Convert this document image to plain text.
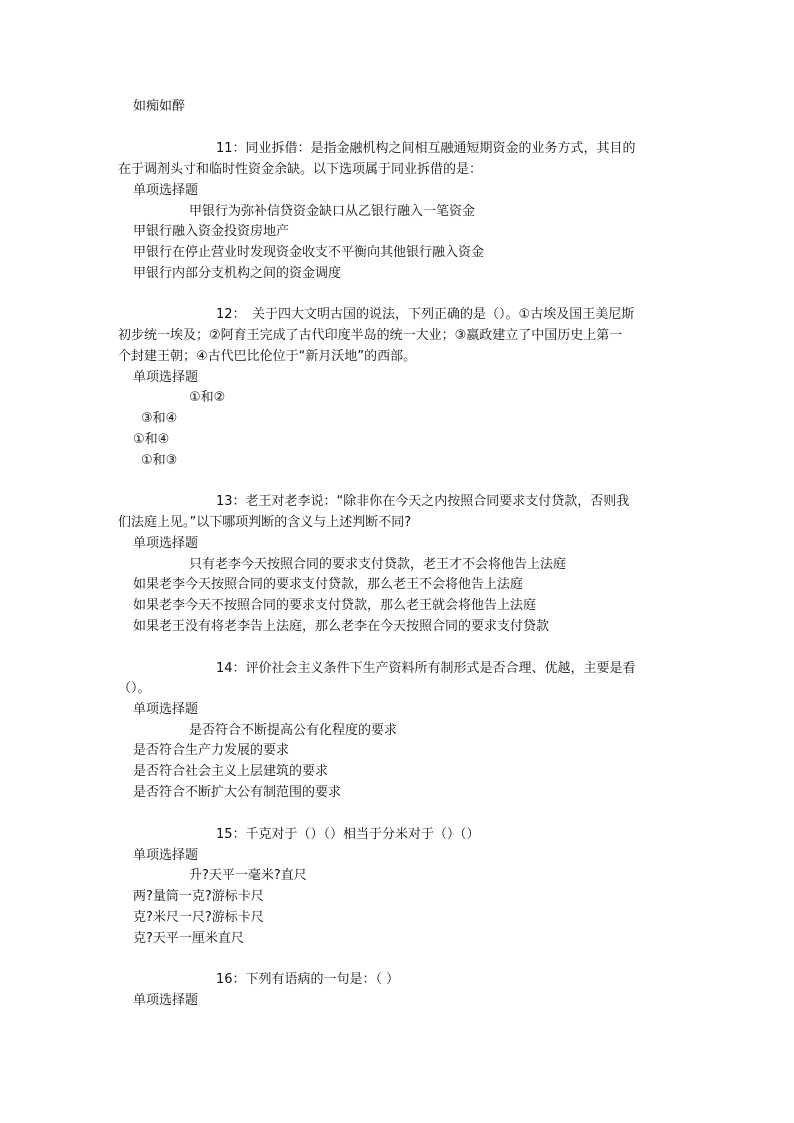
如痴如醉
11：同业拆借：是指金融机构之间相互融通短期资金的业务方式，其目的
在于调剂头寸和临时性资金余缺。以下选项属于同业拆借的是：
单项选择题
甲银行为弥补信贷资金缺口从乙银行融入一笔资金
甲银行融入资金投资房地产
甲银行在停止营业时发现资金收支不平衡向其他银行融入资金
甲银行内部分支机构之间的资金调度
12：　关于四大文明古国的说法，下列正确的是（）。①古埃及国王美尼斯
初步统一埃及；②阿育王完成了古代印度半岛的统一大业；③嬴政建立了中国历史上第一
个封建王朝；④古代巴比伦位于“新月沃地”的西部。
单项选择题
①和②
③和④
①和④
①和③
13：老王对老李说：“除非你在今天之内按照合同要求支付贷款，否则我
们法庭上见。”以下哪项判断的含义与上述判断不同?
单项选择题
只有老李今天按照合同的要求支付贷款，老王才不会将他告上法庭
如果老李今天按照合同的要求支付贷款，那么老王不会将他告上法庭
如果老李今天不按照合同的要求支付贷款，那么老王就会将他告上法庭
如果老王没有将老李告上法庭，那么老李在今天按照合同的要求支付贷款
14：评价社会主义条件下生产资料所有制形式是否合理、优越，主要是看
（）。
单项选择题
是否符合不断提高公有化程度的要求
是否符合生产力发展的要求
是否符合社会主义上层建筑的要求
是否符合不断扩大公有制范围的要求
15：千克对于（）（）相当于分米对于（）（）
单项选择题
升?天平一毫米?直尺
两?量筒一克?游标卡尺
克?米尺一尺?游标卡尺
克?天平一厘米直尺
16：下列有语病的一句是：（ ）
单项选择题
